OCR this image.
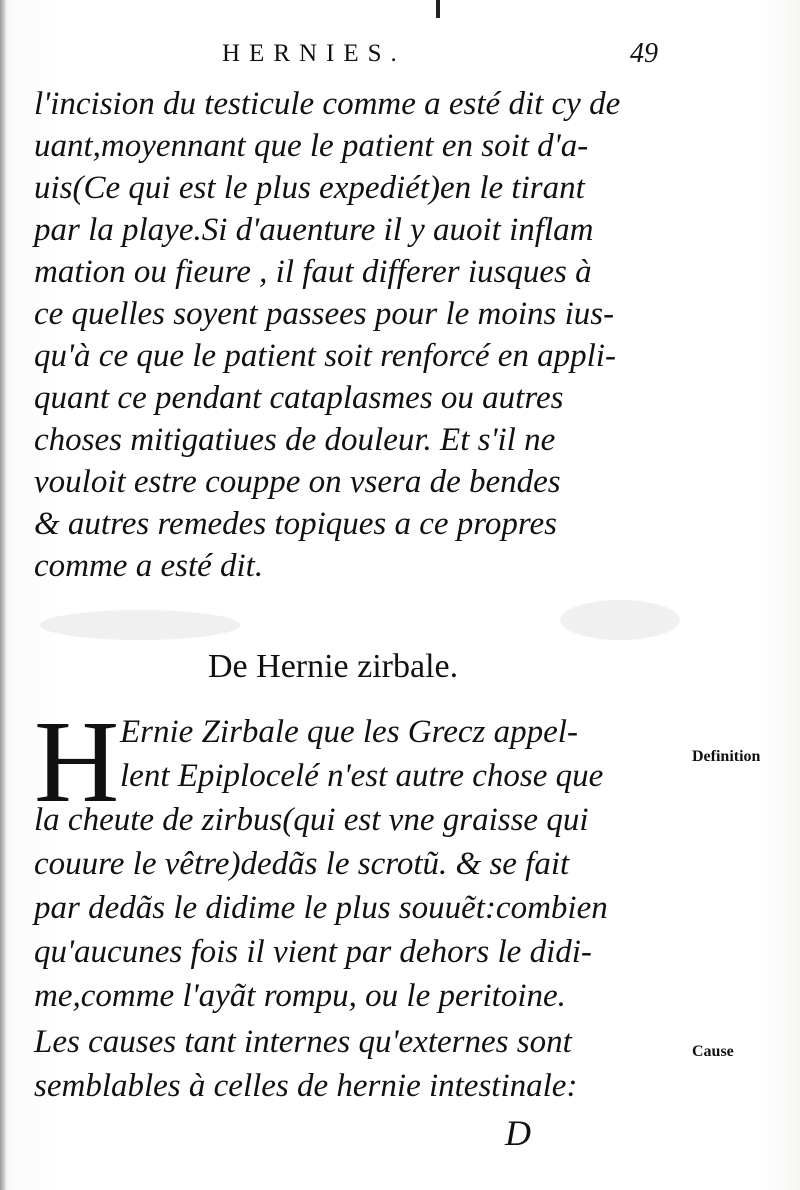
HERNIES.	49
l'incision du testicule comme a esté dit cy de
uant,moyennant que le patient en soit d'a-
uis(Ce qui est le plus expediét)en le tirant
par la playe.Si d'auenture il y auoit inflam
mation ou fieure , il faut differer iusques à
ce quelles soyent passees pour le moins ius-
qu'à ce que le patient soit renforcé en appli-
quant ce pendant cataplasmes ou autres
choses mitigatiues de douleur. Et s'il ne
vouloit estre couppe on vsera de bendes
& autres remedes topiques a ce propres
comme a esté dit.
De Hernie zirbale.
H Ernie Zirbale que les Grecz appel-
lent Epiplocelé n'est autre chose que
la cheute de zirbus(qui est vne graisse qui
couure le vêtre)dedãs le scrotũ. & se fait
par dedãs le didime le plus souuẽt:combien
qu'aucunes fois il vient par dehors le didi-
me,comme l'ayãt rompu, ou le peritoine.
Les causes tant internes qu'externes sont
semblables à celles de hernie intestinale:
Definition
Cause
D
